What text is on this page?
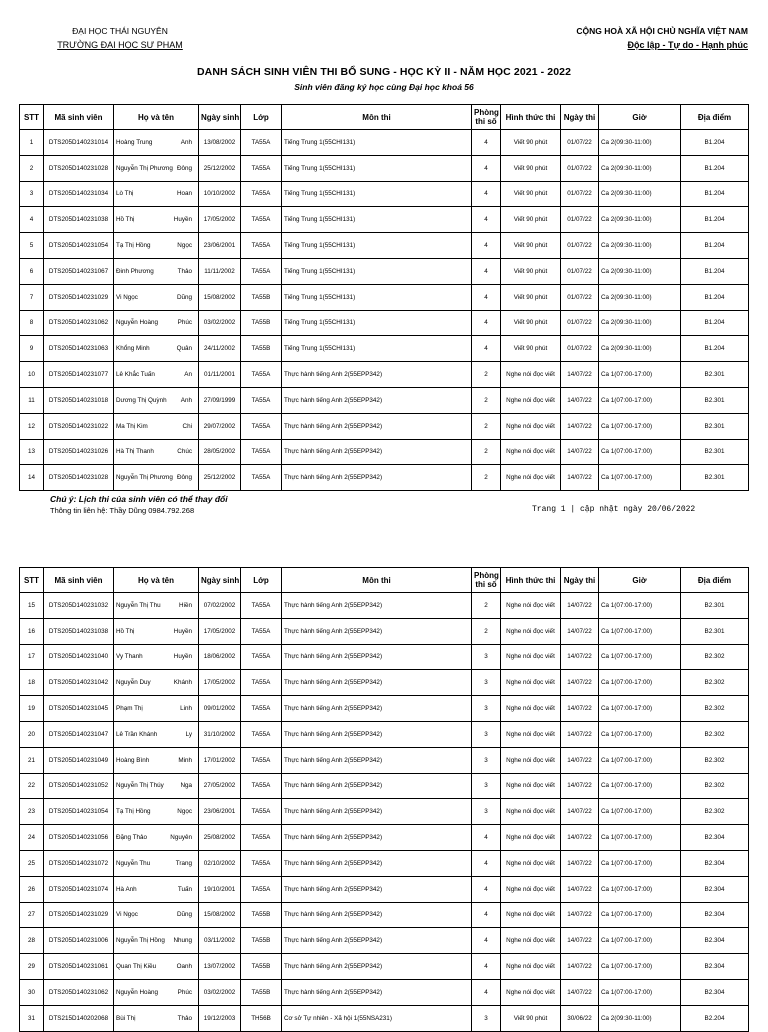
ĐẠI HỌC THÁI NGUYÊN
TRƯỜNG ĐẠI HỌC SƯ PHẠM
CỘNG HOÀ XÃ HỘI CHỦ NGHĨA VIỆT NAM
Độc lập - Tự do - Hạnh phúc
DANH SÁCH SINH VIÊN THI BỔ SUNG - HỌC KỲ II - NĂM HỌC 2021 - 2022
Sinh viên đăng ký học cùng Đại học khoá 56
STT	Mã sinh viên	Họ và tên	Ngày sinh	Lớp	Môn thi	Phòng
thi số	Hình thức thi	Ngày thi	Giờ	Địa điểm
1	DTS205D140231014	Hoàng Trung Anh	13/08/2002	TA55A	Tiếng Trung 1(55CHI131)	4	Viết 90 phút	01/07/22	Ca 2(09:30-11:00)	B1.204
2	DTS205D140231028	Nguyễn Thị Phương Đông	25/12/2002	TA55A	Tiếng Trung 1(55CHI131)	4	Viết 90 phút	01/07/22	Ca 2(09:30-11:00)	B1.204
3	DTS205D140231034	Lò Thị Hoan	10/10/2002	TA55A	Tiếng Trung 1(55CHI131)	4	Viết 90 phút	01/07/22	Ca 2(09:30-11:00)	B1.204
4	DTS205D140231038	Hồ Thị Huyền	17/05/2002	TA55A	Tiếng Trung 1(55CHI131)	4	Viết 90 phút	01/07/22	Ca 2(09:30-11:00)	B1.204
5	DTS205D140231054	Tạ Thị Hồng Ngọc	23/06/2001	TA55A	Tiếng Trung 1(55CHI131)	4	Viết 90 phút	01/07/22	Ca 2(09:30-11:00)	B1.204
6	DTS205D140231067	Đinh Phương Thảo	11/11/2002	TA55A	Tiếng Trung 1(55CHI131)	4	Viết 90 phút	01/07/22	Ca 2(09:30-11:00)	B1.204
7	DTS205D140231029	Vi Ngọc Dũng	15/08/2002	TA55B	Tiếng Trung 1(55CHI131)	4	Viết 90 phút	01/07/22	Ca 2(09:30-11:00)	B1.204
8	DTS205D140231062	Nguyễn Hoàng Phúc	03/02/2002	TA55B	Tiếng Trung 1(55CHI131)	4	Viết 90 phút	01/07/22	Ca 2(09:30-11:00)	B1.204
9	DTS205D140231063	Khổng Minh Quân	24/11/2002	TA55B	Tiếng Trung 1(55CHI131)	4	Viết 90 phút	01/07/22	Ca 2(09:30-11:00)	B1.204
10	DTS205D140231077	Lê Khắc Tuấn An	01/11/2001	TA55A	Thực hành tiếng Anh 2(55EPP342)	2	Nghe nói đọc viết	14/07/22	Ca 1(07:00-17:00)	B2.301
11	DTS205D140231018	Dương Thị Quỳnh Anh	27/09/1999	TA55A	Thực hành tiếng Anh 2(55EPP342)	2	Nghe nói đọc viết	14/07/22	Ca 1(07:00-17:00)	B2.301
12	DTS205D140231022	Ma Thị Kim Chi	29/07/2002	TA55A	Thực hành tiếng Anh 2(55EPP342)	2	Nghe nói đọc viết	14/07/22	Ca 1(07:00-17:00)	B2.301
13	DTS205D140231026	Hà Thị Thanh Chúc	28/05/2002	TA55A	Thực hành tiếng Anh 2(55EPP342)	2	Nghe nói đọc viết	14/07/22	Ca 1(07:00-17:00)	B2.301
14	DTS205D140231028	Nguyễn Thị Phương Đông	25/12/2002	TA55A	Thực hành tiếng Anh 2(55EPP342)	2	Nghe nói đọc viết	14/07/22	Ca 1(07:00-17:00)	B2.301
Chú ý: Lịch thi của sinh viên có thể thay đổi
Thông tin liên hệ: Thầy Dũng 0984.792.268	Trang 1 | cập nhật ngày 20/06/2022
STT	Mã sinh viên	Họ và tên	Ngày sinh	Lớp	Môn thi	Phòng
thi số	Hình thức thi	Ngày thi	Giờ	Địa điểm
15	DTS205D140231032	Nguyễn Thị Thu Hiền	07/02/2002	TA55A	Thực hành tiếng Anh 2(55EPP342)	2	Nghe nói đọc viết	14/07/22	Ca 1(07:00-17:00)	B2.301
16	DTS205D140231038	Hồ Thị Huyền	17/05/2002	TA55A	Thực hành tiếng Anh 2(55EPP342)	2	Nghe nói đọc viết	14/07/22	Ca 1(07:00-17:00)	B2.301
17	DTS205D140231040	Vy Thanh Huyền	18/06/2002	TA55A	Thực hành tiếng Anh 2(55EPP342)	3	Nghe nói đọc viết	14/07/22	Ca 1(07:00-17:00)	B2.302
18	DTS205D140231042	Nguyễn Duy Khánh	17/05/2002	TA55A	Thực hành tiếng Anh 2(55EPP342)	3	Nghe nói đọc viết	14/07/22	Ca 1(07:00-17:00)	B2.302
19	DTS205D140231045	Phạm Thị Linh	09/01/2002	TA55A	Thực hành tiếng Anh 2(55EPP342)	3	Nghe nói đọc viết	14/07/22	Ca 1(07:00-17:00)	B2.302
20	DTS205D140231047	Lê Trần Khánh Ly	31/10/2002	TA55A	Thực hành tiếng Anh 2(55EPP342)	3	Nghe nói đọc viết	14/07/22	Ca 1(07:00-17:00)	B2.302
21	DTS205D140231049	Hoàng Bình Minh	17/01/2002	TA55A	Thực hành tiếng Anh 2(55EPP342)	3	Nghe nói đọc viết	14/07/22	Ca 1(07:00-17:00)	B2.302
22	DTS205D140231052	Nguyễn Thị Thúy Nga	27/05/2002	TA55A	Thực hành tiếng Anh 2(55EPP342)	3	Nghe nói đọc viết	14/07/22	Ca 1(07:00-17:00)	B2.302
23	DTS205D140231054	Tạ Thị Hồng Ngọc	23/06/2001	TA55A	Thực hành tiếng Anh 2(55EPP342)	3	Nghe nói đọc viết	14/07/22	Ca 1(07:00-17:00)	B2.302
24	DTS205D140231056	Đặng Thảo Nguyên	25/08/2002	TA55A	Thực hành tiếng Anh 2(55EPP342)	4	Nghe nói đọc viết	14/07/22	Ca 1(07:00-17:00)	B2.304
25	DTS205D140231072	Nguyễn Thu Trang	02/10/2002	TA55A	Thực hành tiếng Anh 2(55EPP342)	4	Nghe nói đọc viết	14/07/22	Ca 1(07:00-17:00)	B2.304
26	DTS205D140231074	Hà Anh Tuấn	19/10/2001	TA55A	Thực hành tiếng Anh 2(55EPP342)	4	Nghe nói đọc viết	14/07/22	Ca 1(07:00-17:00)	B2.304
27	DTS205D140231029	Vi Ngọc Dũng	15/08/2002	TA55B	Thực hành tiếng Anh 2(55EPP342)	4	Nghe nói đọc viết	14/07/22	Ca 1(07:00-17:00)	B2.304
28	DTS205D140231006	Nguyễn Thị Hồng Nhung	03/11/2002	TA55B	Thực hành tiếng Anh 2(55EPP342)	4	Nghe nói đọc viết	14/07/22	Ca 1(07:00-17:00)	B2.304
29	DTS205D140231061	Quan Thị Kiều Oanh	13/07/2002	TA55B	Thực hành tiếng Anh 2(55EPP342)	4	Nghe nói đọc viết	14/07/22	Ca 1(07:00-17:00)	B2.304
30	DTS205D140231062	Nguyễn Hoàng Phúc	03/02/2002	TA55B	Thực hành tiếng Anh 2(55EPP342)	4	Nghe nói đọc viết	14/07/22	Ca 1(07:00-17:00)	B2.304
31	DTS215D140202068	Bùi Thị Thảo	19/12/2003	TH56B	Cơ sở Tự nhiên - Xã hội 1(55NSA231)	3	Viết 90 phút	30/06/22	Ca 2(09:30-11:00)	B2.204
